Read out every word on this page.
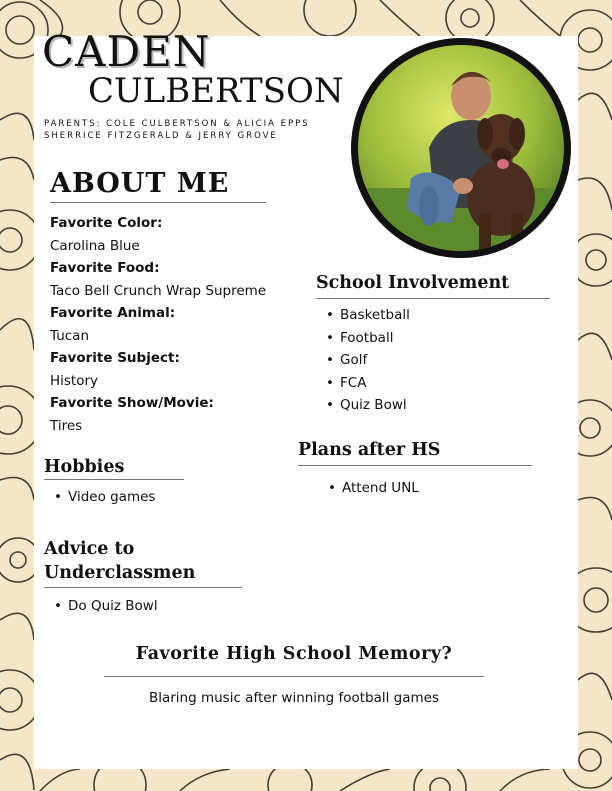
CADEN
CULBERTSON
PARENTS: COLE CULBERTSON & ALICIA EPPS
SHERRICE FITZGERALD & JERRY GROVE
ABOUT ME
Favorite Color:
Carolina Blue
Favorite Food:
Taco Bell Crunch Wrap Supreme
Favorite Animal:
Tucan
Favorite Subject:
History
Favorite Show/Movie:
Tires
School Involvement
• Basketball
• Football
• Golf
• FCA
• Quiz Bowl
Plans after HS
• Attend UNL
Hobbies
• Video games
Advice to
Underclassmen
• Do Quiz Bowl
Favorite High School Memory?
Blaring music after winning football games
